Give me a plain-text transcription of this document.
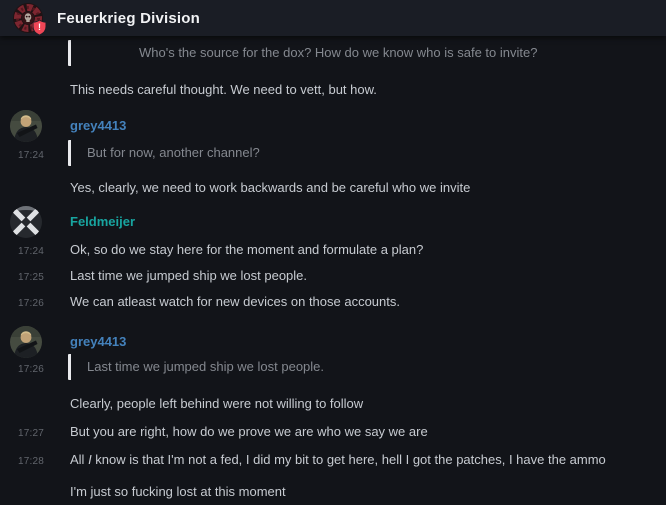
!
Feuerkrieg Division
Who's the source for the dox? How do we know who is safe to invite?
This needs careful thought. We need to vett, but how.
grey4413
17:24	But for now, another channel?
Yes, clearly, we need to work backwards and be careful who we invite
Feldmeijer
17:24 Ok, so do we stay here for the moment and formulate a plan?
17:25 Last time we jumped ship we lost people.
17:26 We can atleast watch for new devices on those accounts.
grey4413
17:26	Last time we jumped ship we lost people.
Clearly, people left behind were not willing to follow
17:27 But you are right, how do we prove we are who we say we are
17:28 All I know is that I'm not a fed, I did my bit to get here, hell I got the patches, I have the ammo
I'm just so fucking lost at this moment
